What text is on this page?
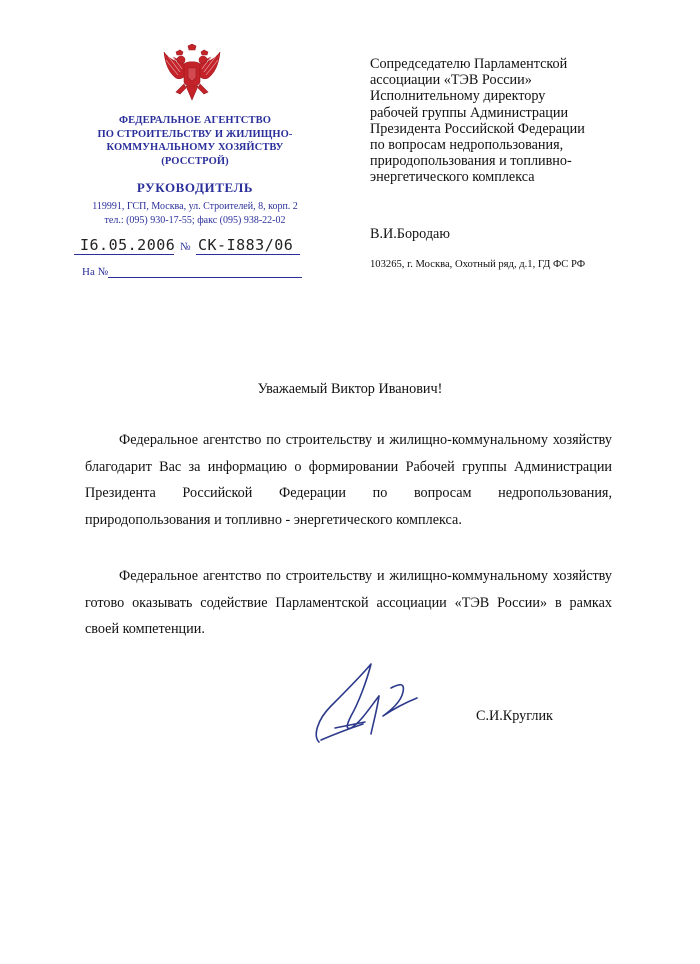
ФЕДЕРАЛЬНОЕ АГЕНТСТВО
ПО СТРОИТЕЛЬСТВУ И ЖИЛИЩНО-
КОММУНАЛЬНОМУ ХОЗЯЙСТВУ
(РОССТРОЙ)
РУКОВОДИТЕЛЬ
119991, ГСП, Москва, ул. Строителей, 8, корп. 2
тел.: (095) 930-17-55; факс (095) 938-22-02
I6.05.2006 № СК-I883/06
На №
Сопредседателю Парламентской
ассоциации «ТЭВ России»
Исполнительному директору
рабочей группы Администрации
Президента Российской Федерации
по вопросам недропользования,
природопользования и топливно-
энергетического комплекса
В.И.Бородаю
103265, г. Москва, Охотный ряд, д.1, ГД ФС РФ
Уважаемый Виктор Иванович!
Федеральное агентство по строительству и жилищно-коммунальному хозяйству благодарит Вас за информацию о формировании Рабочей группы Администрации Президента Российской Федерации по вопросам недропользования, природопользования и топливно - энергетического комплекса.
Федеральное агентство по строительству и жилищно-коммунальному хозяйству готово оказывать содействие Парламентской ассоциации «ТЭВ России» в рамках своей компетенции.
С.И.Круглик
